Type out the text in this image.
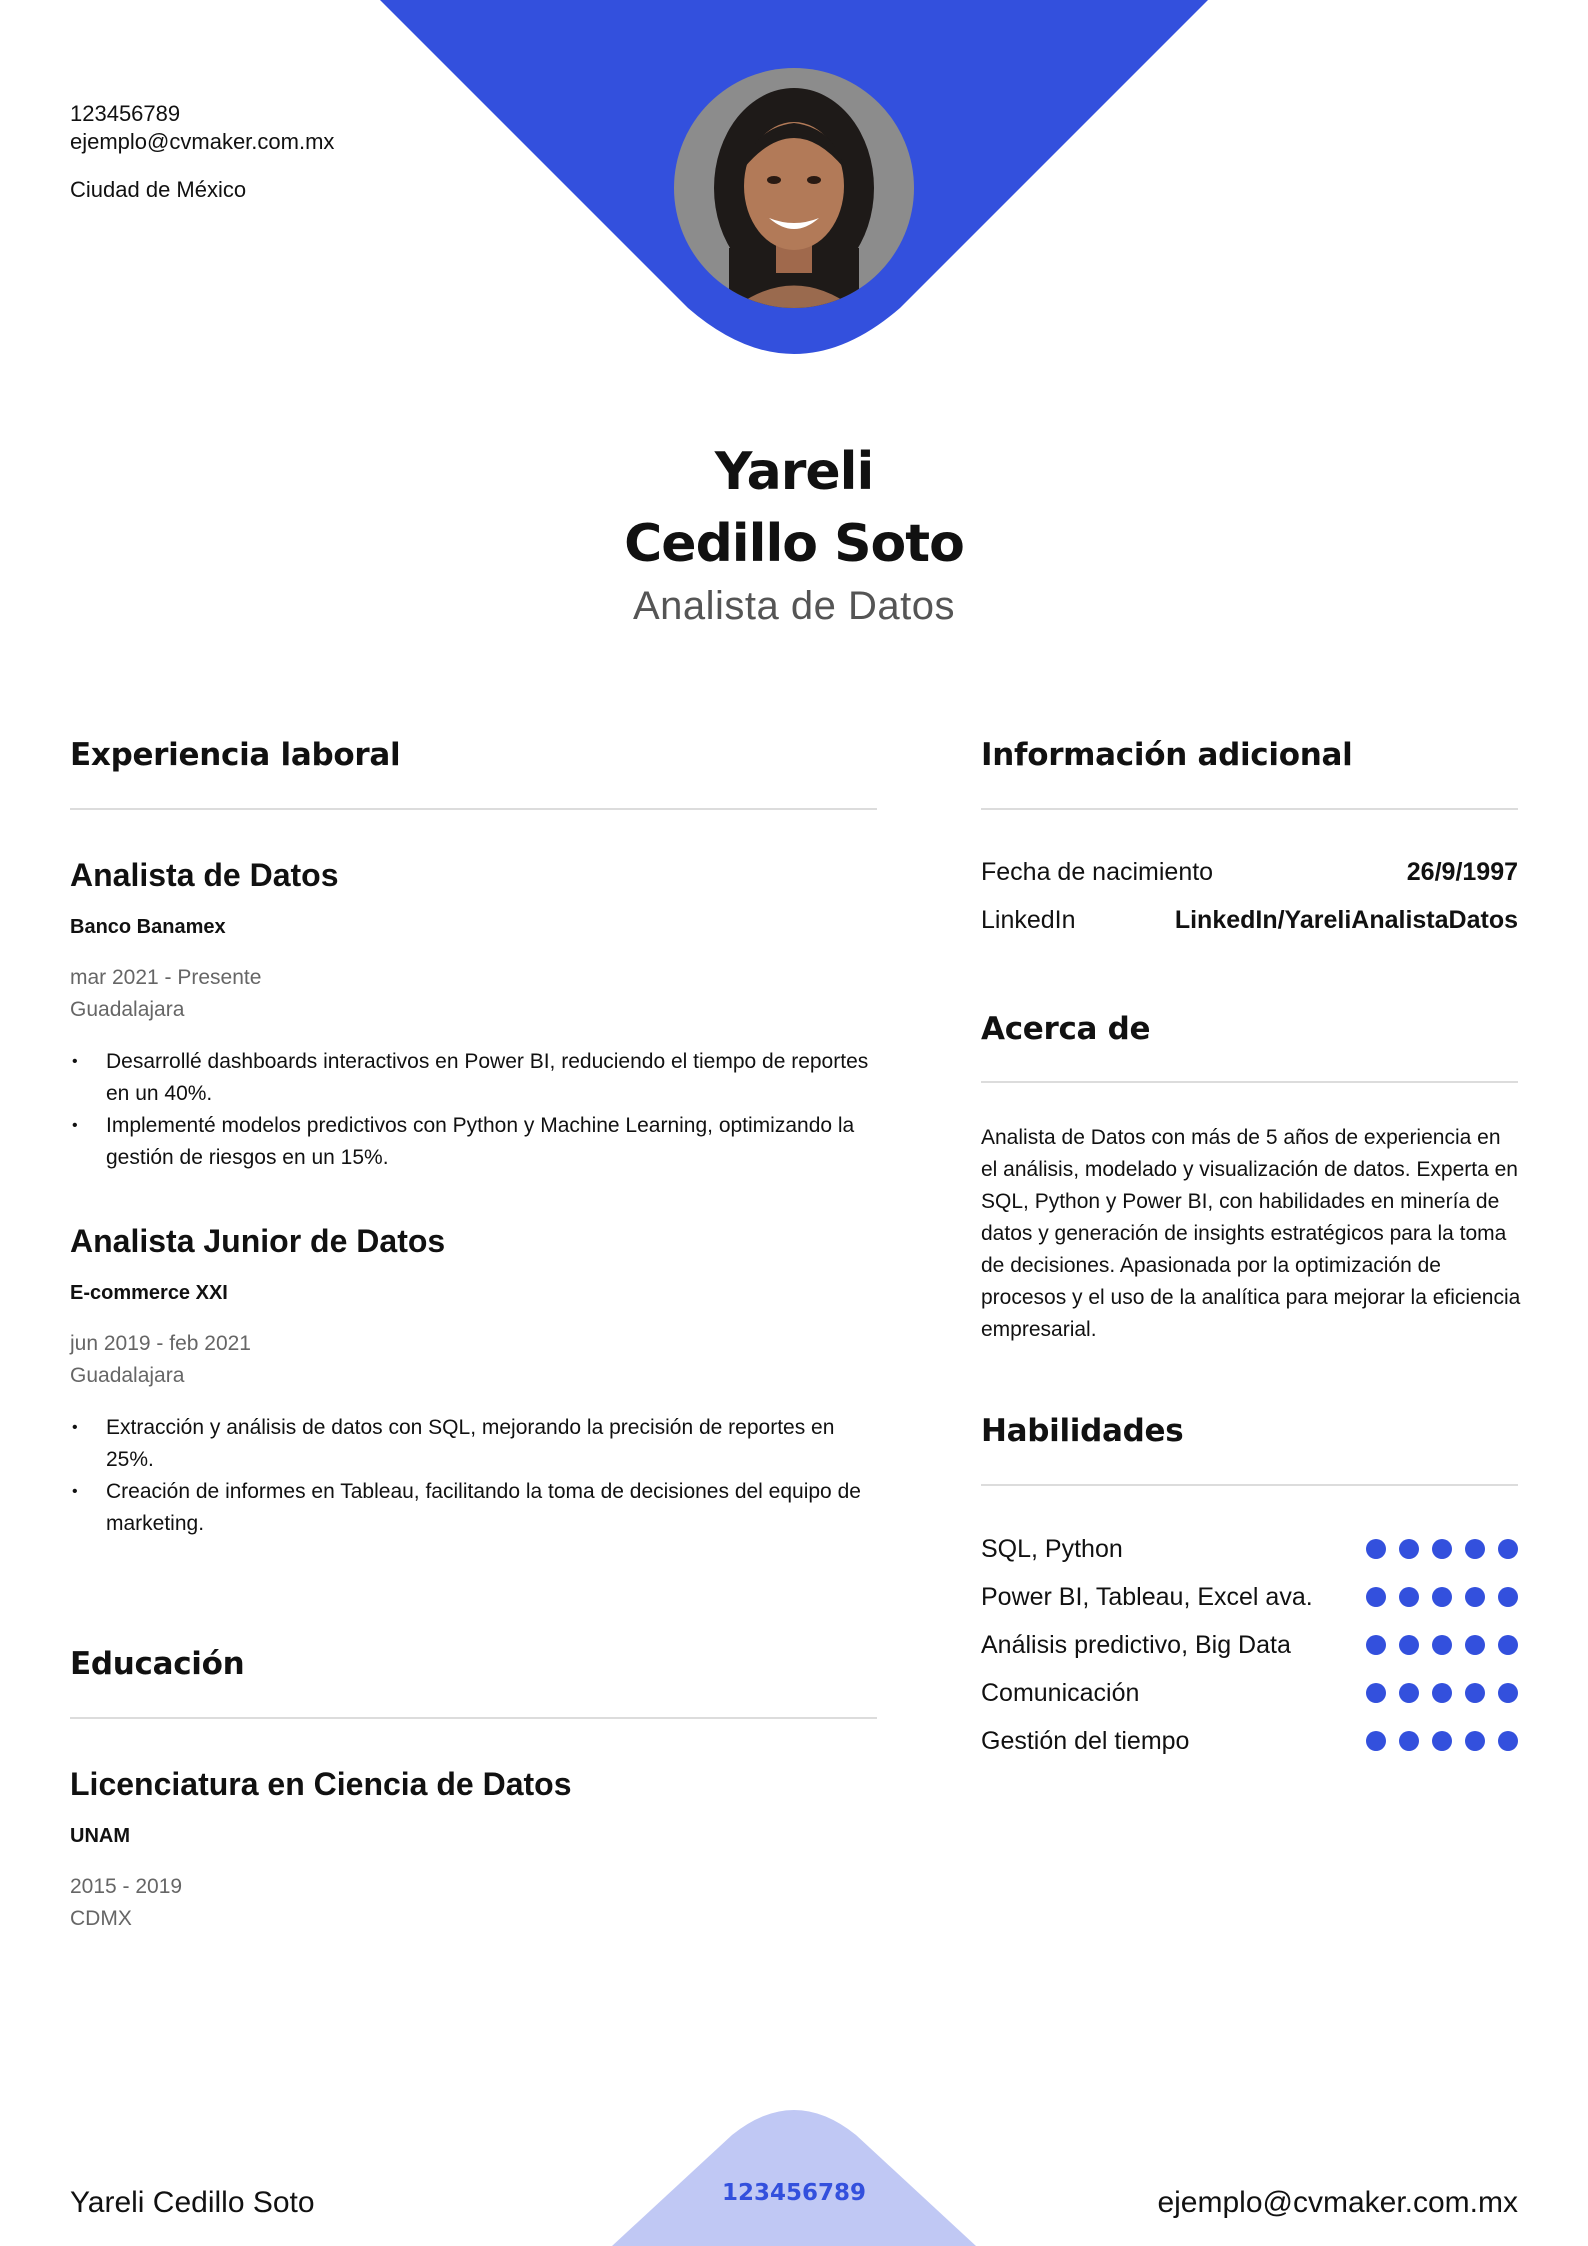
123456789
ejemplo@cvmaker.com.mx
Ciudad de México
Yareli
Cedillo Soto
Analista de Datos
Experiencia laboral
Analista de Datos
Banco Banamex
mar 2021 - Presente
Guadalajara
• Desarrollé dashboards interactivos en Power BI, reduciendo el tiempo de reportes en un 40%.
• Implementé modelos predictivos con Python y Machine Learning, optimizando la gestión de riesgos en un 15%.
Analista Junior de Datos
E-commerce XXI
jun 2019 - feb 2021
Guadalajara
• Extracción y análisis de datos con SQL, mejorando la precisión de reportes en 25%.
• Creación de informes en Tableau, facilitando la toma de decisiones del equipo de marketing.
Educación
Licenciatura en Ciencia de Datos
UNAM
2015 - 2019
CDMX
Información adicional
Fecha de nacimiento	26/9/1997
LinkedIn	LinkedIn/YareliAnalistaDatos
Acerca de
Analista de Datos con más de 5 años de experiencia en el análisis, modelado y visualización de datos. Experta en SQL, Python y Power BI, con habilidades en minería de datos y generación de insights estratégicos para la toma de decisiones. Apasionada por la optimización de procesos y el uso de la analítica para mejorar la eficiencia empresarial.
Habilidades
SQL, Python
Power BI, Tableau, Excel ava.
Análisis predictivo, Big Data
Comunicación
Gestión del tiempo
Yareli Cedillo Soto	123456789	ejemplo@cvmaker.com.mx
